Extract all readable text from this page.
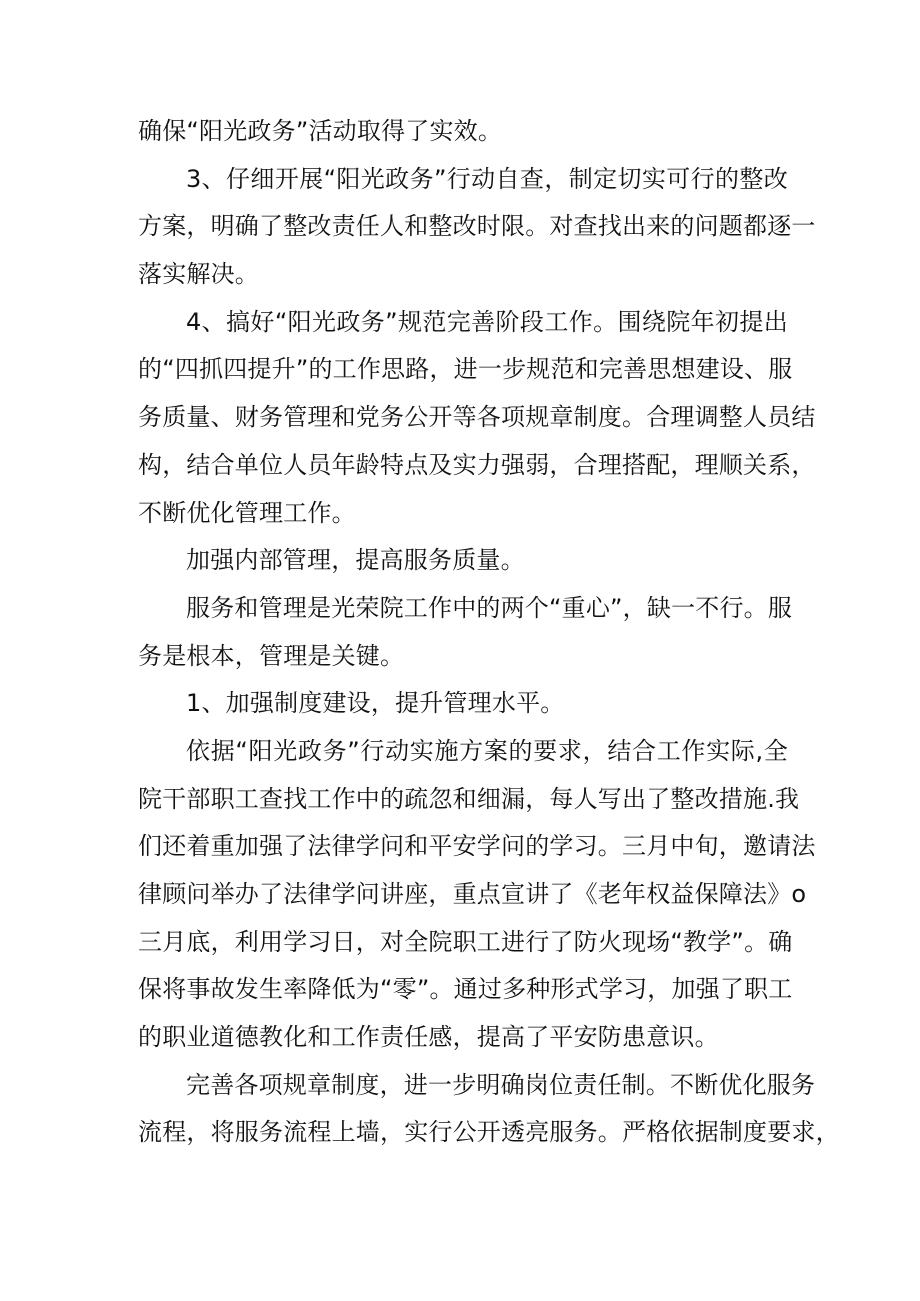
确保“阳光政务”活动取得了实效。
3、仔细开展“阳光政务”行动自查，制定切实可行的整改
方案，明确了整改责任人和整改时限。对查找出来的问题都逐一
落实解决。
4、搞好“阳光政务”规范完善阶段工作。围绕院年初提出
的“四抓四提升”的工作思路，进一步规范和完善思想建设、服
务质量、财务管理和党务公开等各项规章制度。合理调整人员结
构，结合单位人员年龄特点及实力强弱，合理搭配，理顺关系，
不断优化管理工作。
加强内部管理，提高服务质量。
服务和管理是光荣院工作中的两个“重心”，缺一不行。服
务是根本，管理是关键。
1、加强制度建设，提升管理水平。
依据“阳光政务”行动实施方案的要求，结合工作实际,全
院干部职工查找工作中的疏忽和细漏，每人写出了整改措施.我
们还着重加强了法律学问和平安学问的学习。三月中旬，邀请法
律顾问举办了法律学问讲座，重点宣讲了《老年权益保障法》o
三月底，利用学习日，对全院职工进行了防火现场“教学”。确
保将事故发生率降低为“零”。通过多种形式学习，加强了职工
的职业道德教化和工作责任感，提高了平安防患意识。
完善各项规章制度，进一步明确岗位责任制。不断优化服务
流程，将服务流程上墙，实行公开透亮服务。严格依据制度要求，
